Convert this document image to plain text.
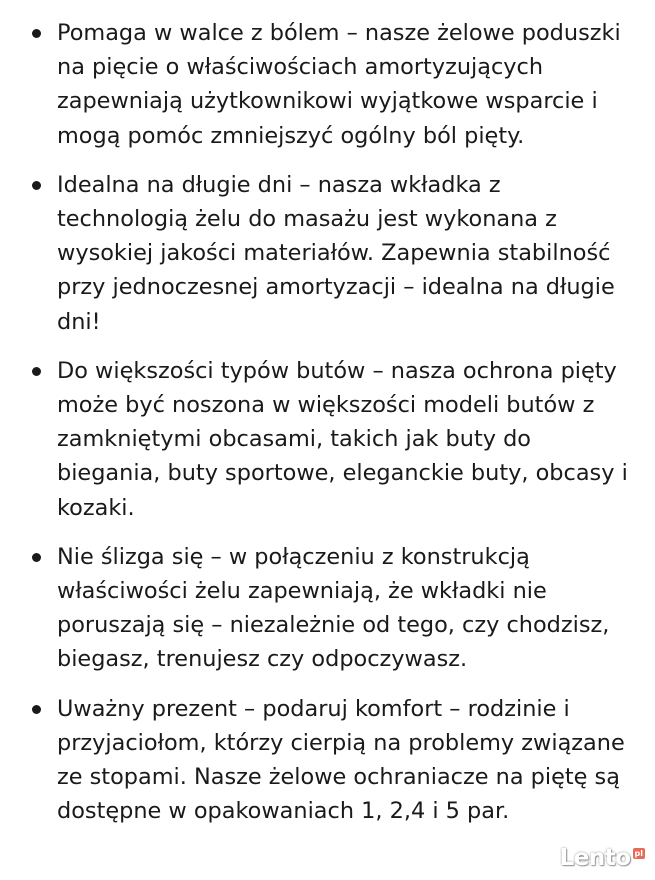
Pomaga w walce z bólem – nasze żelowe poduszki na pięcie o właściwościach amortyzujących zapewniają użytkownikowi wyjątkowe wsparcie i mogą pomóc zmniejszyć ogólny ból pięty.
Idealna na długie dni – nasza wkładka z technologią żelu do masażu jest wykonana z wysokiej jakości materiałów. Zapewnia stabilność przy jednoczesnej amortyzacji – idealna na długie dni!
Do większości typów butów – nasza ochrona pięty może być noszona w większości modeli butów z zamkniętymi obcasami, takich jak buty do biegania, buty sportowe, eleganckie buty, obcasy i kozaki.
Nie ślizga się – w połączeniu z konstrukcją właściwości żelu zapewniają, że wkładki nie poruszają się – niezależnie od tego, czy chodzisz, biegasz, trenujesz czy odpoczywasz.
Uważny prezent – podaruj komfort – rodzinie i przyjaciołom, którzy cierpią na problemy związane ze stopami. Nasze żelowe ochraniacze na piętę są dostępne w opakowaniach 1, 2,4 i 5 par.
Lento pl
